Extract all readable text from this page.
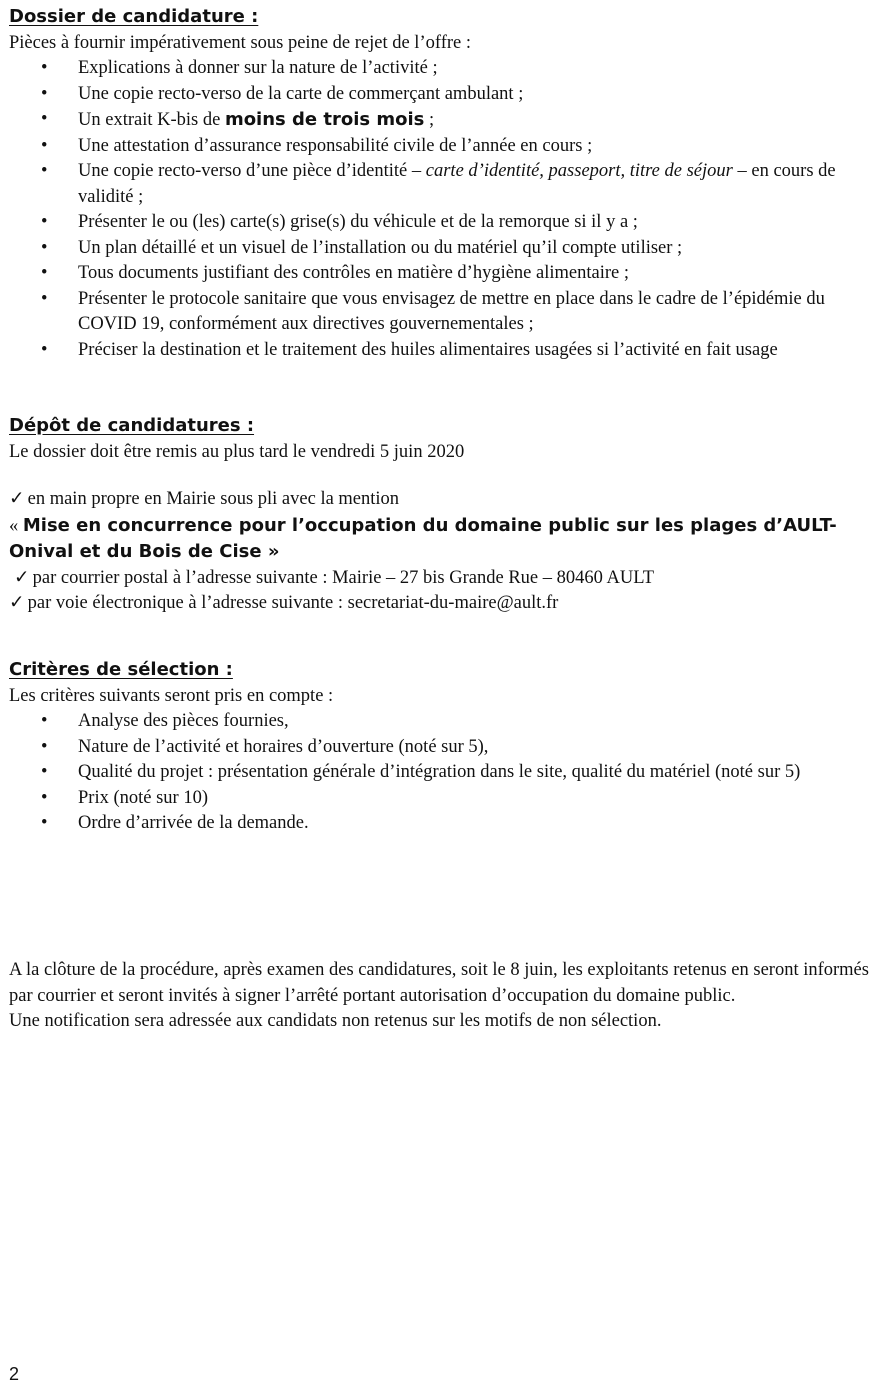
Dossier de candidature :

Pièces à fournir impérativement sous peine de rejet de l’offre :

• Explications à donner sur la nature de l’activité ;
• Une copie recto-verso de la carte de commerçant ambulant ;
• Un extrait K-bis de moins de trois mois ;
• Une attestation d’assurance responsabilité civile de l’année en cours ;
• Une copie recto-verso d’une pièce d’identité – carte d’identité, passeport, titre de séjour – en cours de validité ;
• Présenter le ou (les) carte(s) grise(s) du véhicule et de la remorque si il y a ;
• Un plan détaillé et un visuel de l’installation ou du matériel qu’il compte utiliser ;
• Tous documents justifiant des contrôles en matière d’hygiène alimentaire ;
• Présenter le protocole sanitaire que vous envisagez de mettre en place dans le cadre de l’épidémie du COVID 19, conformément aux directives gouvernementales ;
• Préciser la destination et le traitement des huiles alimentaires usagées si l’activité en fait usage
Dépôt de candidatures :

Le dossier doit être remis au plus tard le vendredi 5 juin 2020

✓ en main propre en Mairie sous pli avec la mention

« Mise en concurrence pour l’occupation du domaine public sur les plages d’AULT-Onival et du Bois de Cise »

✓ par courrier postal à l’adresse suivante : Mairie – 27 bis Grande Rue – 80460 AULT

✓ par voie électronique à l’adresse suivante : secretariat-du-maire@ault.fr

Critères de sélection :

Les critères suivants seront pris en compte :

• Analyse des pièces fournies,
• Nature de l’activité et horaires d’ouverture (noté sur 5),
• Qualité du projet : présentation générale d’intégration dans le site, qualité du matériel (noté sur 5)
• Prix (noté sur 10)
• Ordre d’arrivée de la demande.

A la clôture de la procédure, après examen des candidatures, soit le 8 juin, les exploitants retenus en seront informés par courrier et seront invités à signer l’arrêté portant autorisation d’occupation du domaine public.

Une notification sera adressée aux candidats non retenus sur les motifs de non sélection.

2
